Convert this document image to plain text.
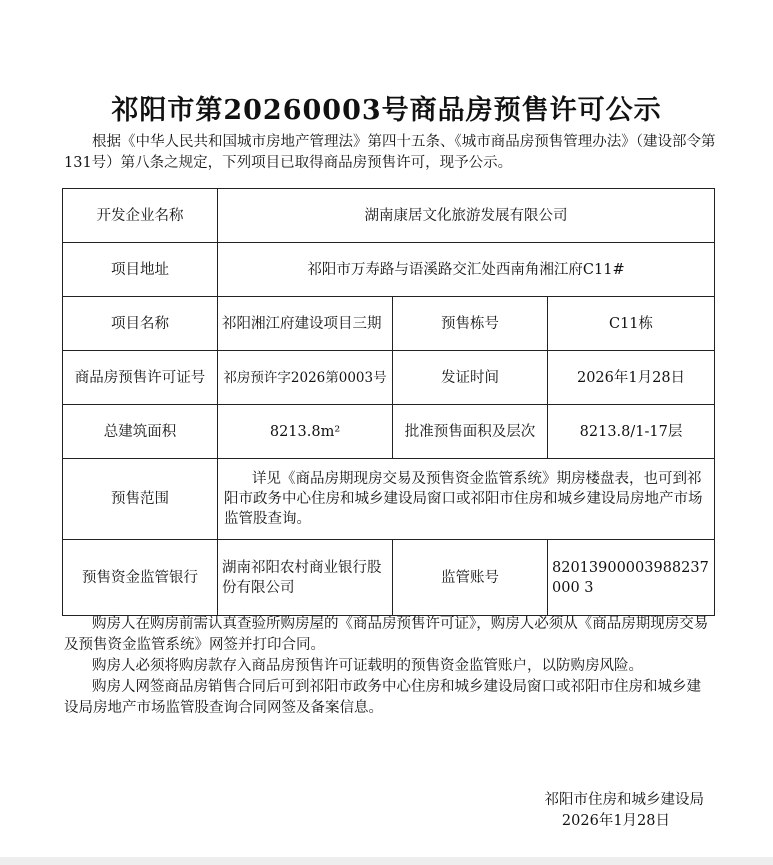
祁阳市第20260003号商品房预售许可公示
根据《中华人民共和国城市房地产管理法》第四十五条、《城市商品房预售管理办法》（建设部令第131号）第八条之规定，下列项目已取得商品房预售许可，现予公示。
开发企业名称	湖南康居文化旅游发展有限公司		
项目地址	祁阳市万寿路与语溪路交汇处西南角湘江府C11#		
项目名称	祁阳湘江府建设项目三期	预售栋号	C11栋
商品房预售许可证号	祁房预许字2026第0003号	发证时间	2026年1月28日
总建筑面积	8213.8m²	批准预售面积及层次	8213.8/1-17层
预售范围	详见《商品房期现房交易及预售资金监管系统》期房楼盘表，也可到祁阳市政务中心住房和城乡建设局窗口或祁阳市住房和城乡建设局房地产市场监管股查询。		
预售资金监管银行	湖南祁阳农村商业银行股份有限公司	监管账号	82013900003988237000 3

购房人在购房前需认真查验所购房屋的《商品房预售许可证》，购房人必须从《商品房期现房交易及预售资金监管系统》网签并打印合同。

购房人必须将购房款存入商品房预售许可证载明的预售资金监管账户，以防购房风险。

购房人网签商品房销售合同后可到祁阳市政务中心住房和城乡建设局窗口或祁阳市住房和城乡建设局房地产市场监管股查询合同网签及备案信息。

祁阳市住房和城乡建设局
2026年1月28日
